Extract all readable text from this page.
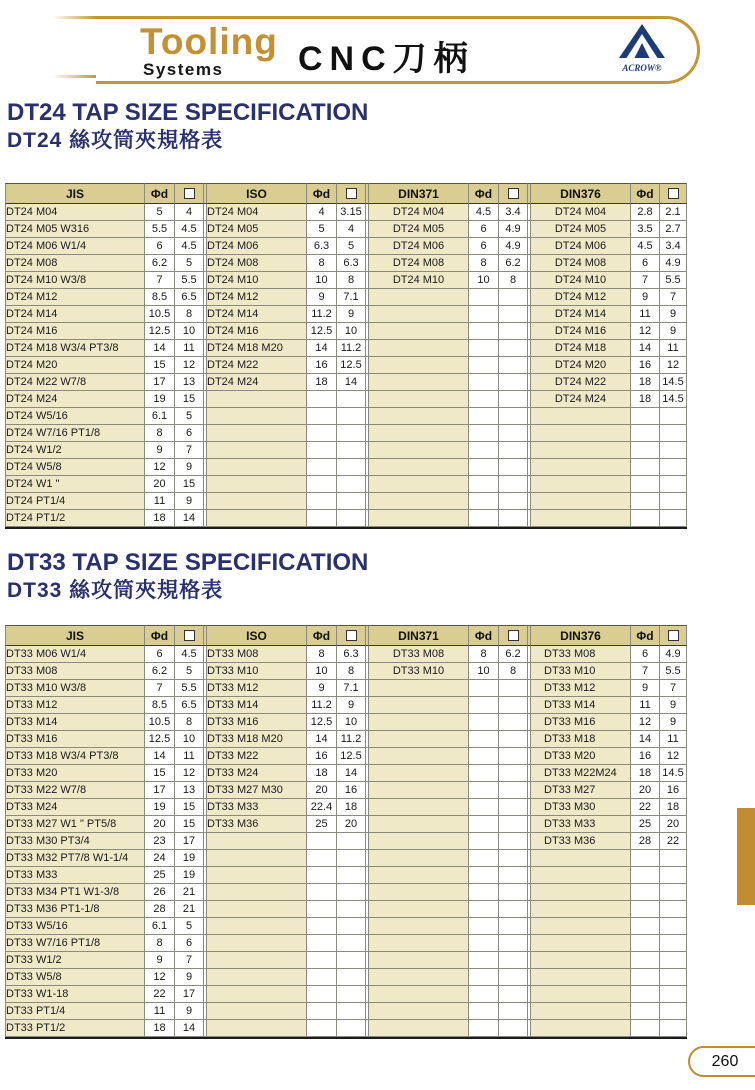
Tooling
Systems	CNC刀柄	ACROW®
DT24 TAP SIZE SPECIFICATION
DT24 絲攻筒夾規格表
JIS	Φd			ISO	Φd			DIN371	Φd			DIN376	Φd	
DT24 M04	5	4		DT24 M04	4	3.15		DT24 M04	4.5	3.4		DT24 M04	2.8	2.1
DT24 M05 W316	5.5	4.5		DT24 M05	5	4		DT24 M05	6	4.9		DT24 M05	3.5	2.7
DT24 M06 W1/4	6	4.5		DT24 M06	6.3	5		DT24 M06	6	4.9		DT24 M06	4.5	3.4
DT24 M08	6.2	5		DT24 M08	8	6.3		DT24 M08	8	6.2		DT24 M08	6	4.9
DT24 M10 W3/8	7	5.5		DT24 M10	10	8		DT24 M10	10	8		DT24 M10	7	5.5
DT24 M12	8.5	6.5		DT24 M12	9	7.1						DT24 M12	9	7
DT24 M14	10.5	8		DT24 M14	11.2	9						DT24 M14	11	9
DT24 M16	12.5	10		DT24 M16	12.5	10						DT24 M16	12	9
DT24 M18 W3/4 PT3/8	14	11		DT24 M18 M20	14	11.2						DT24 M18	14	11
DT24 M20	15	12		DT24 M22	16	12.5						DT24 M20	16	12
DT24 M22 W7/8	17	13		DT24 M24	18	14						DT24 M22	18	14.5
DT24 M24	19	15										DT24 M24	18	14.5
DT24 W5/16	6.1	5												
DT24 W7/16 PT1/8	8	6												
DT24 W1/2	9	7												
DT24 W5/8	12	9												
DT24 W1 "	20	15												
DT24 PT1/4	11	9												
DT24 PT1/2	18	14												
DT33 TAP SIZE SPECIFICATION
DT33 絲攻筒夾規格表
JIS	Φd			ISO	Φd			DIN371	Φd			DIN376	Φd	
DT33 M06 W1/4	6	4.5		DT33 M08	8	6.3		DT33 M08	8	6.2		DT33 M08	6	4.9
DT33 M08	6.2	5		DT33 M10	10	8		DT33 M10	10	8		DT33 M10	7	5.5
DT33 M10 W3/8	7	5.5		DT33 M12	9	7.1						DT33 M12	9	7
DT33 M12	8.5	6.5		DT33 M14	11.2	9						DT33 M14	11	9
DT33 M14	10.5	8		DT33 M16	12.5	10						DT33 M16	12	9
DT33 M16	12.5	10		DT33 M18 M20	14	11.2						DT33 M18	14	11
DT33 M18 W3/4 PT3/8	14	11		DT33 M22	16	12.5						DT33 M20	16	12
DT33 M20	15	12		DT33 M24	18	14						DT33 M22M24	18	14.5
DT33 M22 W7/8	17	13		DT33 M27 M30	20	16						DT33 M27	20	16
DT33 M24	19	15		DT33 M33	22.4	18						DT33 M30	22	18
DT33 M27 W1 " PT5/8	20	15		DT33 M36	25	20						DT33 M33	25	20
DT33 M30 PT3/4	23	17										DT33 M36	28	22
DT33 M32 PT7/8 W1-1/4	24	19												
DT33 M33	25	19												
DT33 M34 PT1 W1-3/8	26	21												
DT33 M36 PT1-1/8	28	21												
DT33 W5/16	6.1	5												
DT33 W7/16 PT1/8	8	6												
DT33 W1/2	9	7												
DT33 W5/8	12	9												
DT33 W1-18	22	17												
DT33 PT1/4	11	9												
DT33 PT1/2	18	14												
260
